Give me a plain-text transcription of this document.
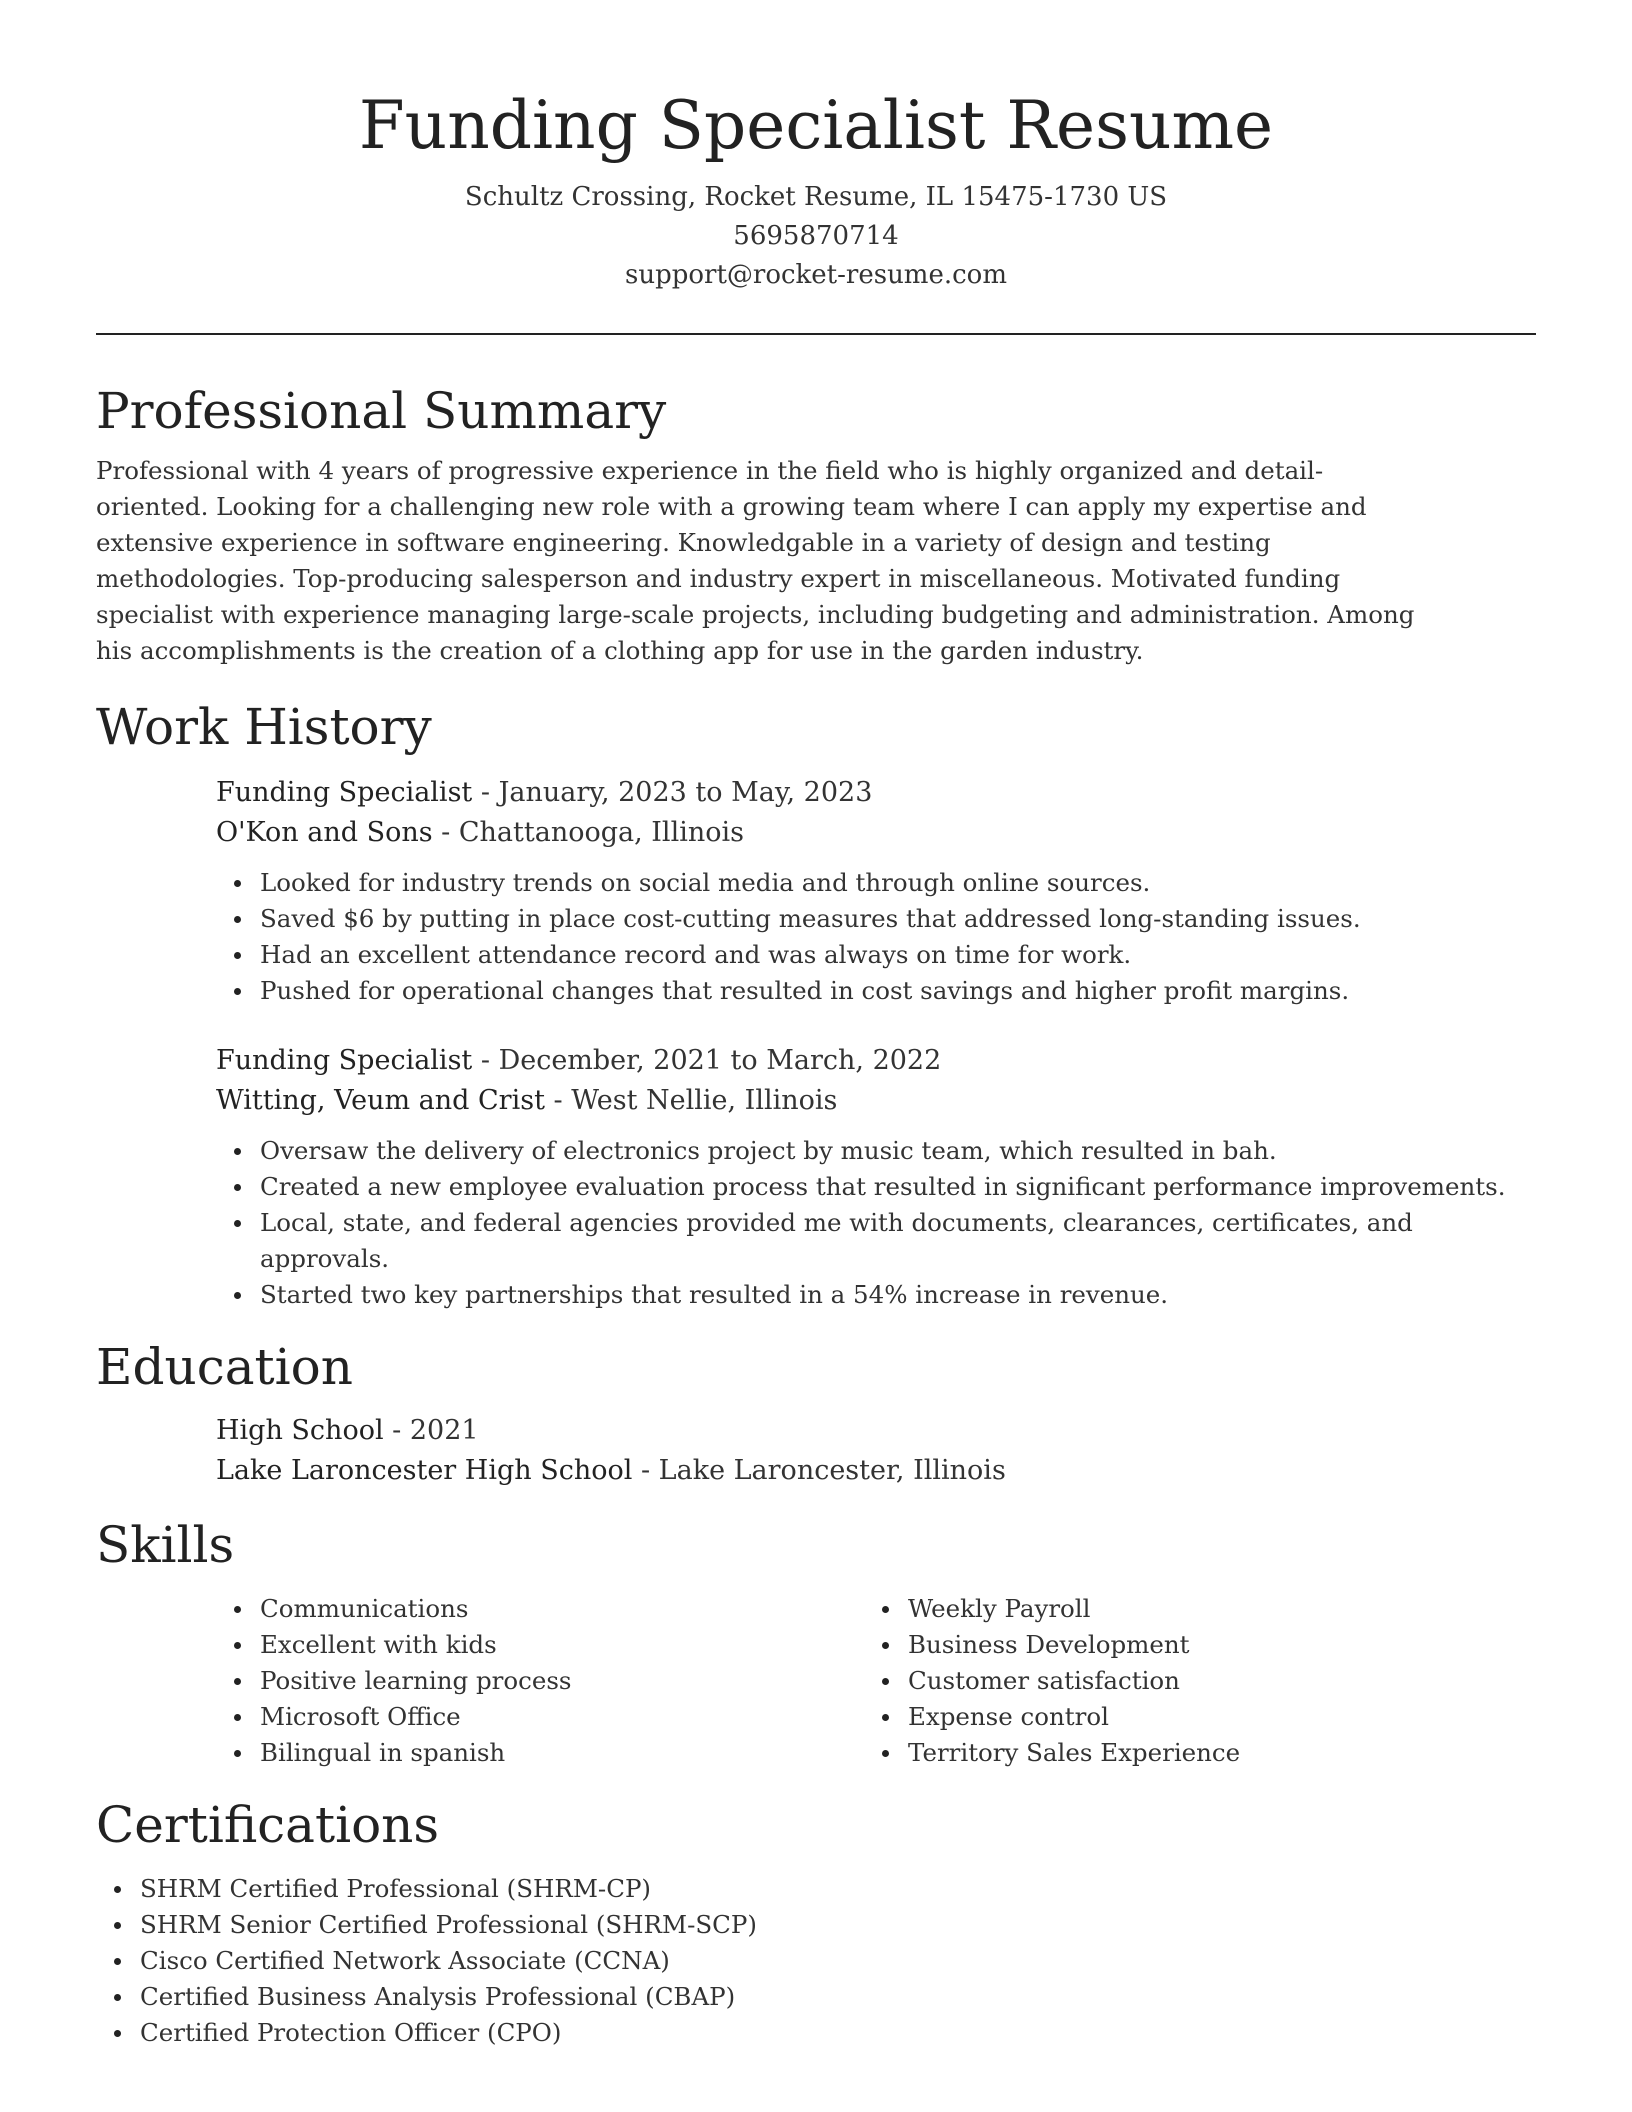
Funding Specialist Resume
Schultz Crossing, Rocket Resume, IL 15475-1730 US
5695870714
support@rocket-resume.com
Professional Summary

Professional with 4 years of progressive experience in the field who is highly organized and detail-oriented. Looking for a challenging new role with a growing team where I can apply my expertise and extensive experience in software engineering. Knowledgable in a variety of design and testing methodologies. Top-producing salesperson and industry expert in miscellaneous. Motivated funding specialist with experience managing large-scale projects, including budgeting and administration. Among his accomplishments is the creation of a clothing app for use in the garden industry.

Work History
Funding Specialist - January, 2023 to May, 2023
O'Kon and Sons - Chattanooga, Illinois
Looked for industry trends on social media and through online sources.
Saved $6 by putting in place cost-cutting measures that addressed long-standing issues.
Had an excellent attendance record and was always on time for work.
Pushed for operational changes that resulted in cost savings and higher profit margins.
Funding Specialist - December, 2021 to March, 2022
Witting, Veum and Crist - West Nellie, Illinois
Oversaw the delivery of electronics project by music team, which resulted in bah.
Created a new employee evaluation process that resulted in significant performance improvements.
Local, state, and federal agencies provided me with documents, clearances, certificates, and approvals.
Started two key partnerships that resulted in a 54% increase in revenue.
Education
High School - 2021
Lake Laroncester High School - Lake Laroncester, Illinois
Skills
Communications
Excellent with kids
Positive learning process
Microsoft Office
Bilingual in spanish
Weekly Payroll
Business Development
Customer satisfaction
Expense control
Territory Sales Experience
Certifications
SHRM Certified Professional (SHRM-CP)
SHRM Senior Certified Professional (SHRM-SCP)
Cisco Certified Network Associate (CCNA)
Certified Business Analysis Professional (CBAP)
Certified Protection Officer (CPO)
